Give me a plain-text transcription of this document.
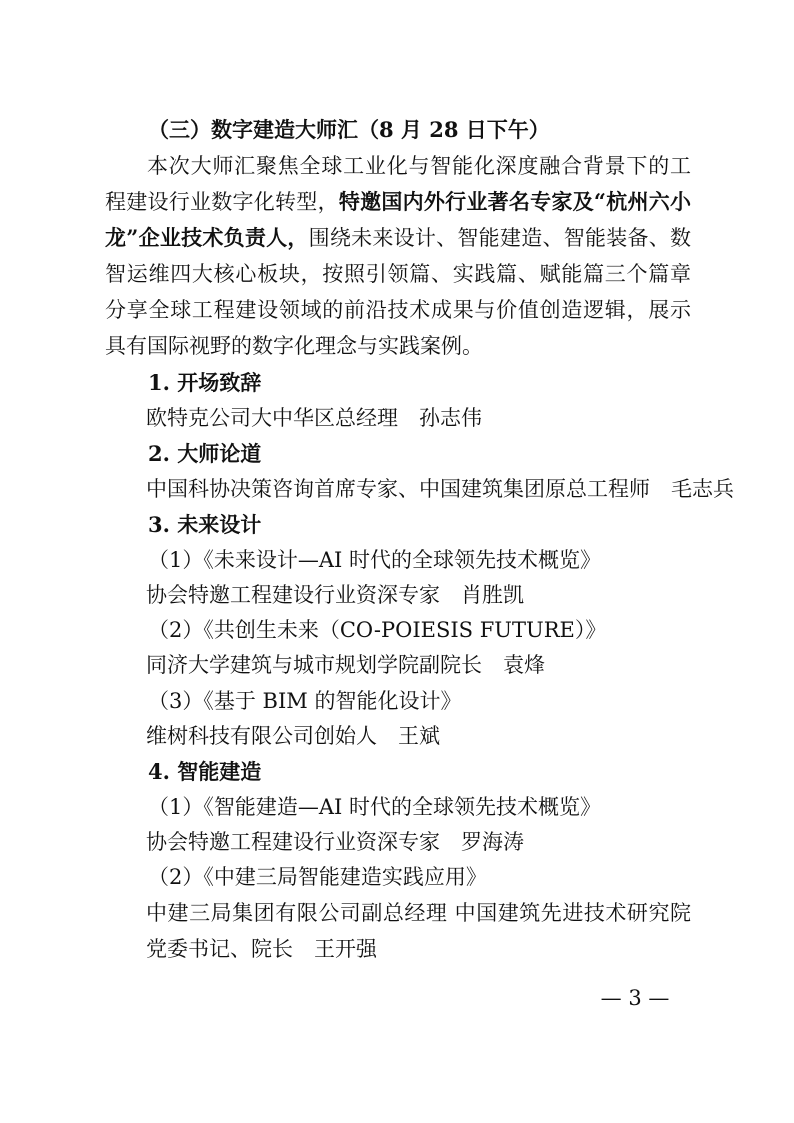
（三）数字建造大师汇（8 月 28 日下午）
本次大师汇聚焦全球工业化与智能化深度融合背景下的工程建设行业数字化转型，特邀国内外行业著名专家及“杭州六小龙”企业技术负责人，围绕未来设计、智能建造、智能装备、数智运维四大核心板块，按照引领篇、实践篇、赋能篇三个篇章分享全球工程建设领域的前沿技术成果与价值创造逻辑，展示具有国际视野的数字化理念与实践案例。
1. 开场致辞
欧特克公司大中华区总经理　孙志伟
2. 大师论道
中国科协决策咨询首席专家、中国建筑集团原总工程师　毛志兵
3. 未来设计
（1）《未来设计—AI 时代的全球领先技术概览》
协会特邀工程建设行业资深专家　肖胜凯
（2）《共创生未来（CO-POIESIS FUTURE）》
同济大学建筑与城市规划学院副院长　袁烽
（3）《基于 BIM 的智能化设计》
维树科技有限公司创始人　王斌
4. 智能建造
（1）《智能建造—AI 时代的全球领先技术概览》
协会特邀工程建设行业资深专家　罗海涛
（2）《中建三局智能建造实践应用》
中建三局集团有限公司副总经理 中国建筑先进技术研究院党委书记、院长　王开强
— 3 —
